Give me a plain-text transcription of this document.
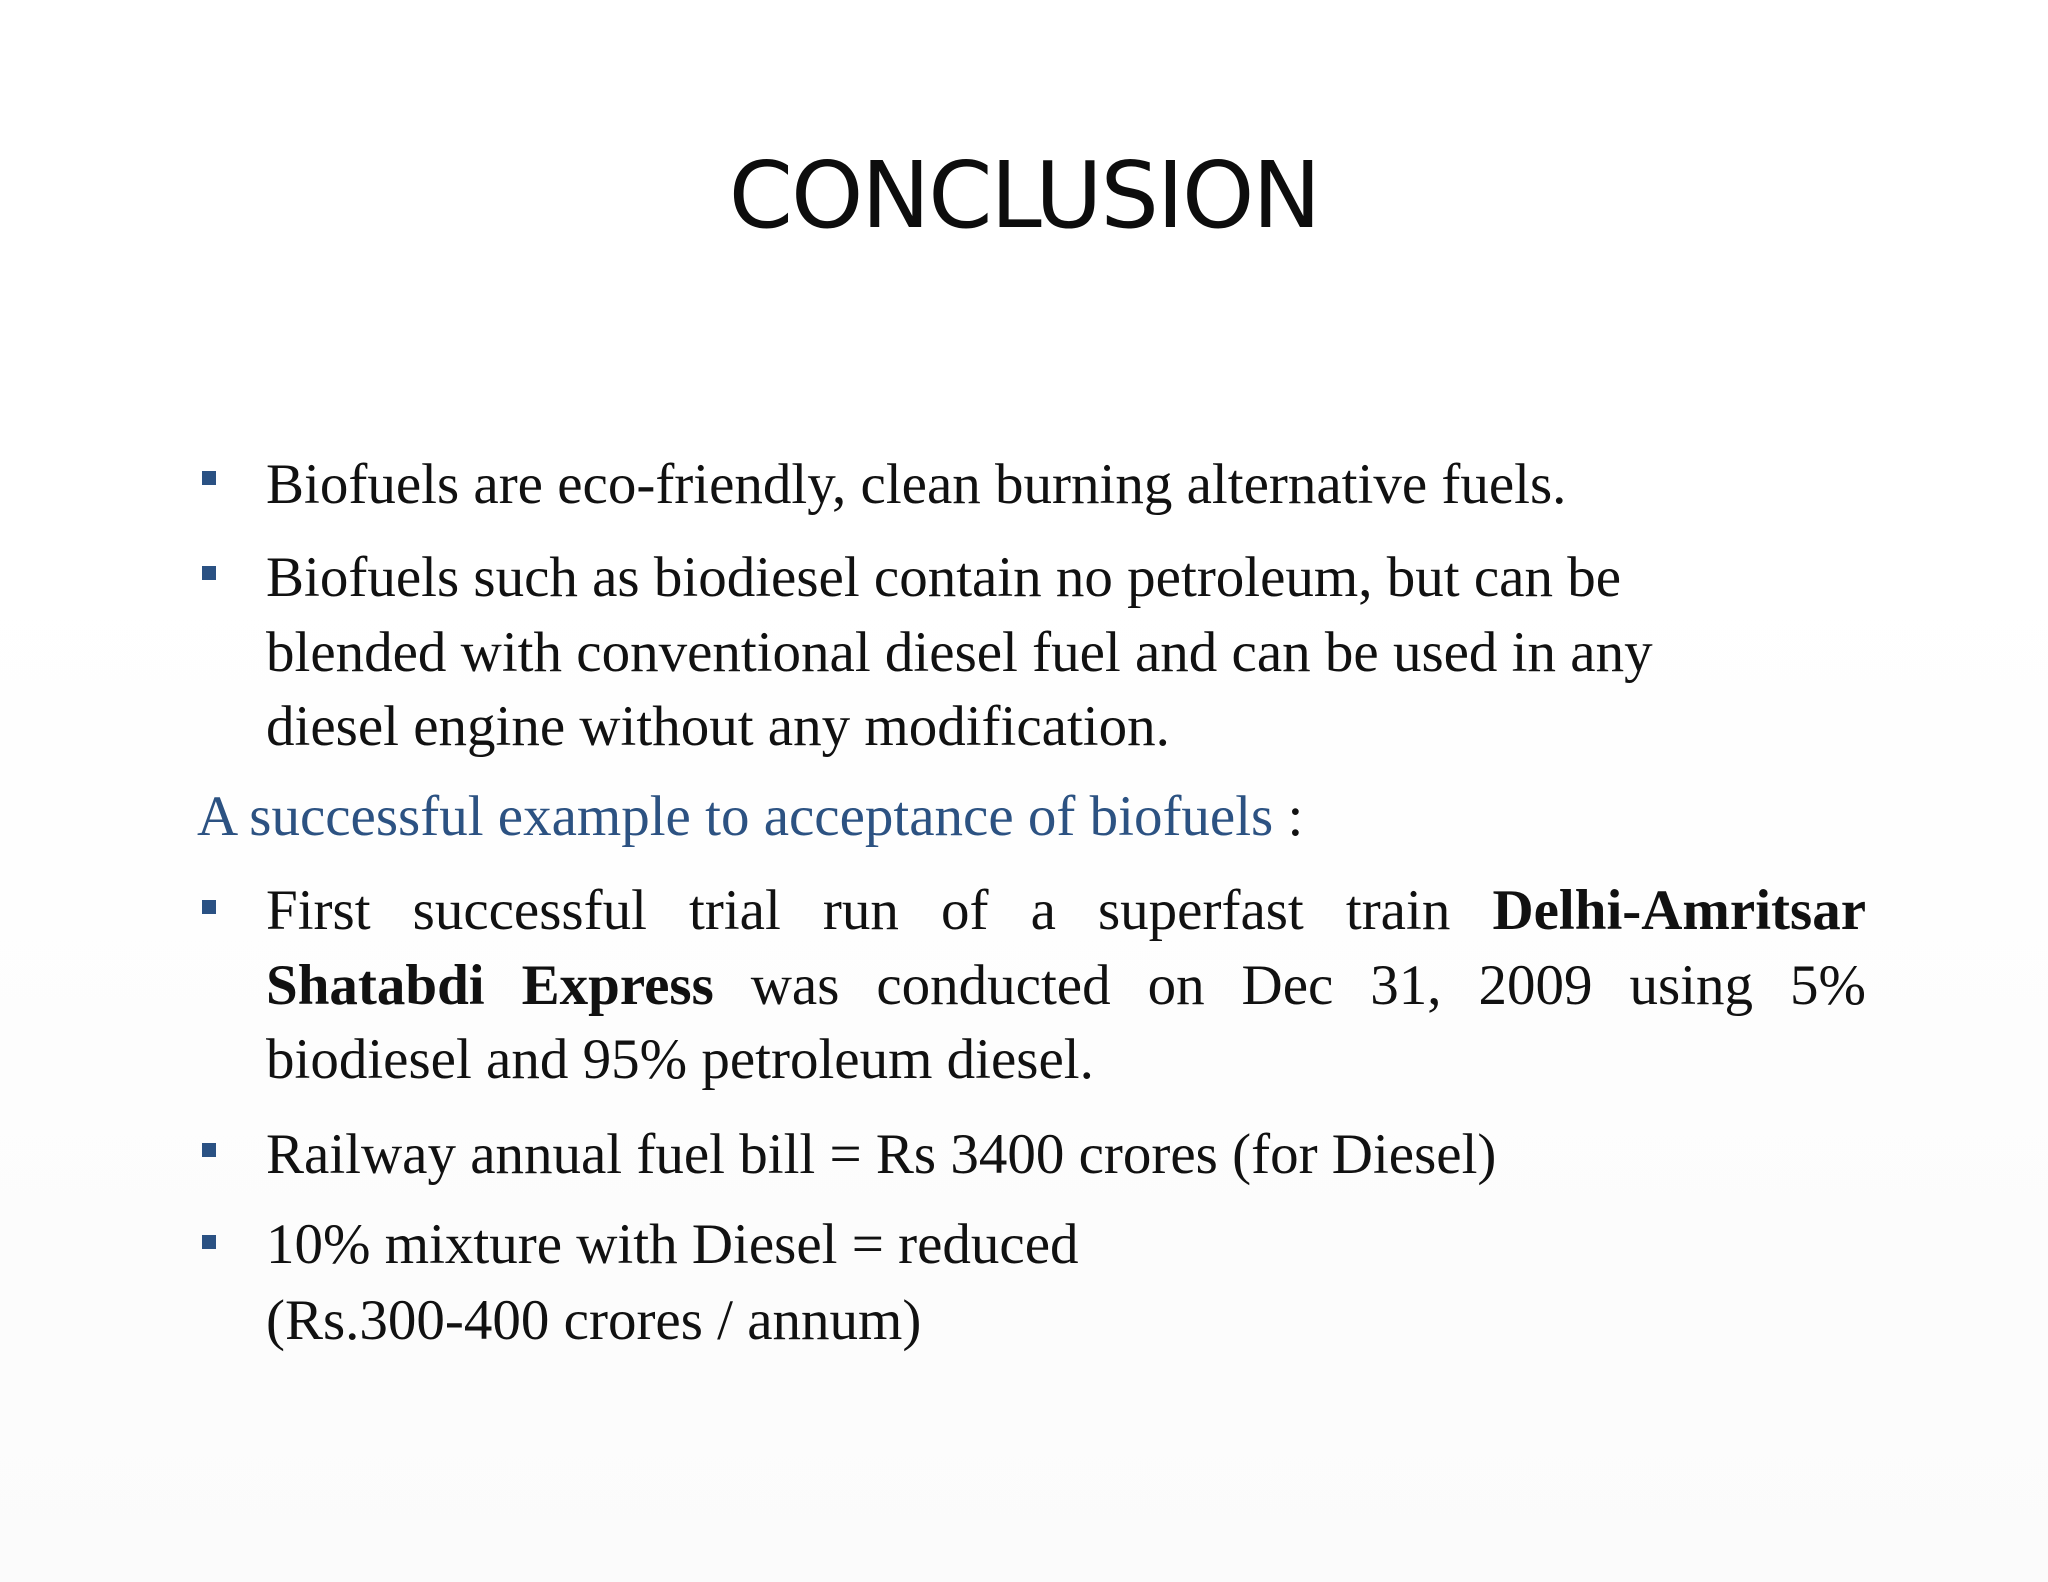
CONCLUSION
Biofuels are eco-friendly, clean burning alternative fuels.
Biofuels such as biodiesel contain no petroleum, but can be
blended with conventional diesel fuel and can be used in any
diesel engine without any modification.
A successful example to acceptance of biofuels :
First successful trial run of a superfast train Delhi-Amritsar
Shatabdi Express was conducted on Dec 31, 2009 using 5%
biodiesel and 95% petroleum diesel.
Railway annual fuel bill = Rs 3400 crores (for Diesel)
10% mixture with Diesel = reduced
(Rs.300-400 crores / annum)
